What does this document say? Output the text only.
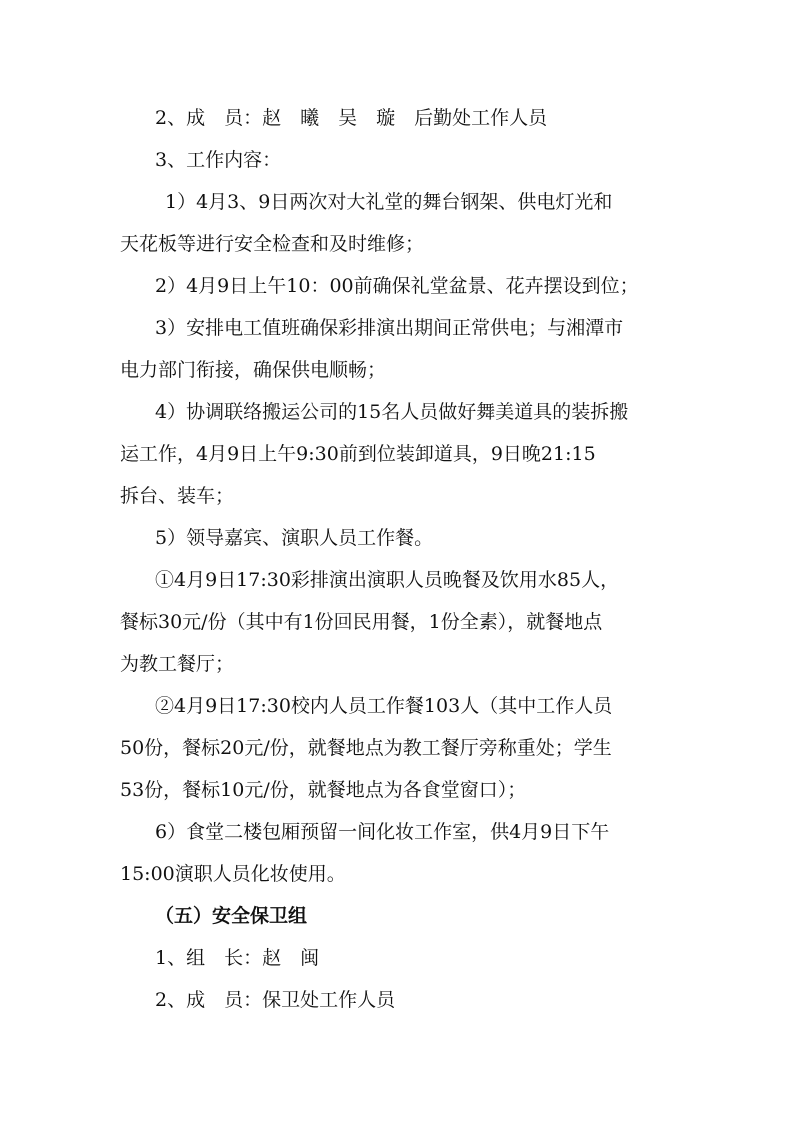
2、成　员：赵　曦　吴　璇　后勤处工作人员
3、工作内容：
1）4月3、9日两次对大礼堂的舞台钢架、供电灯光和
天花板等进行安全检查和及时维修；
2）4月9日上午10：00前确保礼堂盆景、花卉摆设到位；
3）安排电工值班确保彩排演出期间正常供电；与湘潭市
电力部门衔接，确保供电顺畅；
4）协调联络搬运公司的15名人员做好舞美道具的装拆搬
运工作，4月9日上午9:30前到位装卸道具，9日晚21:15
拆台、装车；
5）领导嘉宾、演职人员工作餐。
①4月9日17:30彩排演出演职人员晚餐及饮用水85人，
餐标30元/份（其中有1份回民用餐，1份全素），就餐地点
为教工餐厅；
②4月9日17:30校内人员工作餐103人（其中工作人员
50份，餐标20元/份，就餐地点为教工餐厅旁称重处；学生
53份，餐标10元/份，就餐地点为各食堂窗口）；
6）食堂二楼包厢预留一间化妆工作室，供4月9日下午
15:00演职人员化妆使用。
（五）安全保卫组
1、组　长：赵　闽
2、成　员：保卫处工作人员
